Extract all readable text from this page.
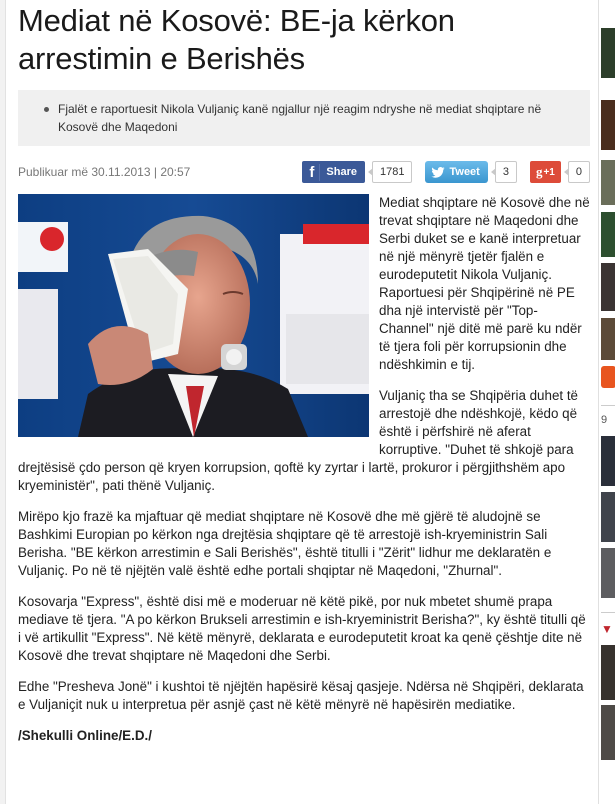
Mediat në Kosovë: BE-ja kërkon arrestimin e Berishës
Fjalët e raportuesit Nikola Vuljaniç kanë ngjallur një reagim ndryshe në mediat shqiptare në Kosovë dhe Maqedoni
Publikuar më 30.11.2013 | 20:57	f	Share	1781	Tweet	3	g +1	0

Mediat shqiptare në Kosovë dhe në trevat shqiptare në Maqedoni dhe Serbi duket se e kanë interpretuar në një mënyrë tjetër fjalën e eurodeputetit Nikola Vuljaniç. Raportuesi për Shqipërinë në PE dha një intervistë për "Top-Channel" një ditë më parë ku ndër të tjera foli për korrupsionin dhe ndëshkimin e tij.

Vuljaniç tha se Shqipëria duhet të arrestojë dhe ndëshkojë, këdo që është i përfshirë në aferat korruptive. "Duhet të shkojë para drejtësisë çdo person që kryen korrupsion, qoftë ky zyrtar i lartë, prokuror i përgjithshëm apo kryeministër", pati thënë Vuljaniç.

Mirëpo kjo frazë ka mjaftuar që mediat shqiptare në Kosovë dhe më gjërë të aludojnë se Bashkimi Europian po kërkon nga drejtësia shqiptare që të arrestojë ish-kryeministrin Sali Berisha. "BE kërkon arrestimin e Sali Berishës", është titulli i "Zërit" lidhur me deklaratën e Vuljaniç. Po në të njëjtën valë është edhe portali shqiptar në Maqedoni, "Zhurnal".

Kosovarja "Express", është disi më e moderuar në këtë pikë, por nuk mbetet shumë prapa mediave të tjera. "A po kërkon Brukseli arrestimin e ish-kryeministrit Berisha?", ky është titulli që i vë artikullit "Express". Në këtë mënyrë, deklarata e eurodeputetit kroat ka qenë çështje dite në Kosovë dhe trevat shqiptare në Maqedoni dhe Serbi.

Edhe "Presheva Jonë" i kushtoi të njëjtën hapësirë kësaj qasjeje. Ndërsa në Shqipëri, deklarata e Vuljaniçit nuk u interpretua për asnjë çast në këtë mënyrë në hapësirën mediatike.

/Shekulli Online/E.D./

9
▼
